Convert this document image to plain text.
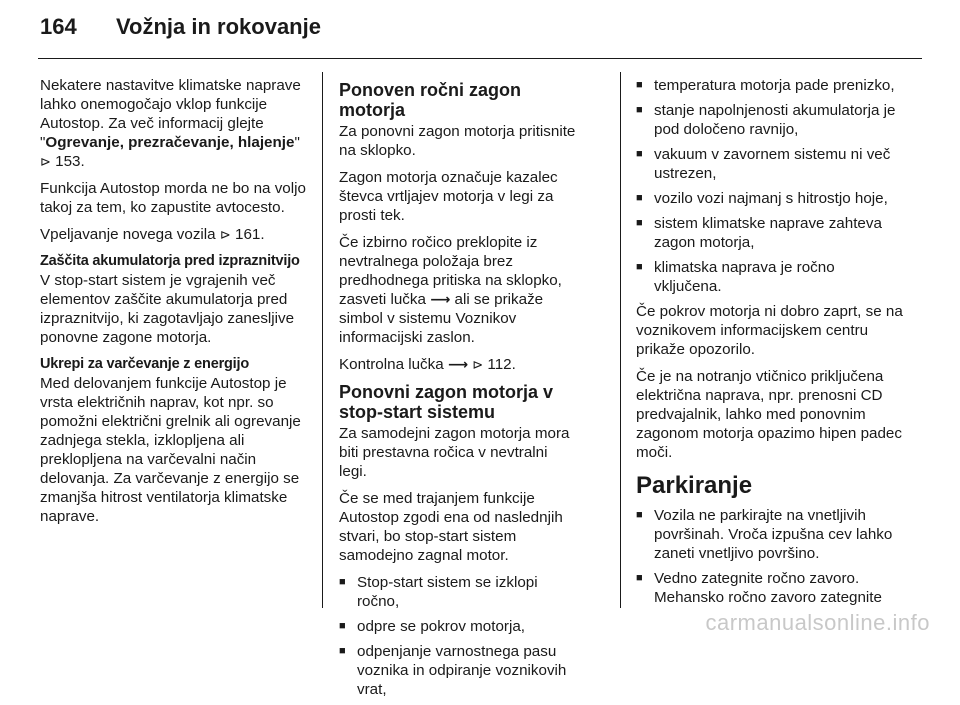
164	Vožnja in rokovanje

Nekatere nastavitve klimatske naprave lahko onemogočajo vklop funkcije Autostop. Za več informacij glejte "Ogrevanje, prezračevanje, hlajenje" ⊳ 153.

Funkcija Autostop morda ne bo na voljo takoj za tem, ko zapustite avtocesto.

Vpeljavanje novega vozila ⊳ 161.

Zaščita akumulatorja pred izpraznitvijo

V stop-start sistem je vgrajenih več elementov zaščite akumulatorja pred izpraznitvijo, ki zagotavljajo zanesljive ponovne zagone motorja.

Ukrepi za varčevanje z energijo

Med delovanjem funkcije Autostop je vrsta električnih naprav, kot npr. so pomožni električni grelnik ali ogrevanje zadnjega stekla, izklopljena ali preklopljena na varčevalni način delovanja. Za varčevanje z energijo se zmanjša hitrost ventilatorja klimatske naprave.

Ponoven ročni zagon motorja

Za ponovni zagon motorja pritisnite na sklopko.

Zagon motorja označuje kazalec števca vrtljajev motorja v legi za prosti tek.

Če izbirno ročico preklopite iz nevtralnega položaja brez predhodnega pritiska na sklopko, zasveti lučka ⟶ ali se prikaže simbol v sistemu Voznikov informacijski zaslon.

Kontrolna lučka ⟶ ⊳ 112.

Ponovni zagon motorja v stop-start sistemu

Za samodejni zagon motorja mora biti prestavna ročica v nevtralni legi.

Če se med trajanjem funkcije Autostop zgodi ena od naslednjih stvari, bo stop-start sistem samodejno zagnal motor.

■ Stop-start sistem se izklopi ročno,
■ odpre se pokrov motorja,
■ odpenjanje varnostnega pasu voznika in odpiranje voznikovih vrat,
■ temperatura motorja pade prenizko,
■ stanje napolnjenosti akumulatorja je pod določeno ravnijo,
■ vakuum v zavornem sistemu ni več ustrezen,
■ vozilo vozi najmanj s hitrostjo hoje,
■ sistem klimatske naprave zahteva zagon motorja,
■ klimatska naprava je ročno vključena.

Če pokrov motorja ni dobro zaprt, se na voznikovem informacijskem centru prikaže opozorilo.

Če je na notranjo vtičnico priključena električna naprava, npr. prenosni CD predvajalnik, lahko med ponovnim zagonom motorja opazimo hipen padec moči.

Parkiranje
■ Vozila ne parkirajte na vnetljivih površinah. Vroča izpušna cev lahko zaneti vnetljivo površino.
■ Vedno zategnite ročno zavoro. Mehansko ročno zavoro zategnite
carmanualsonline.info
